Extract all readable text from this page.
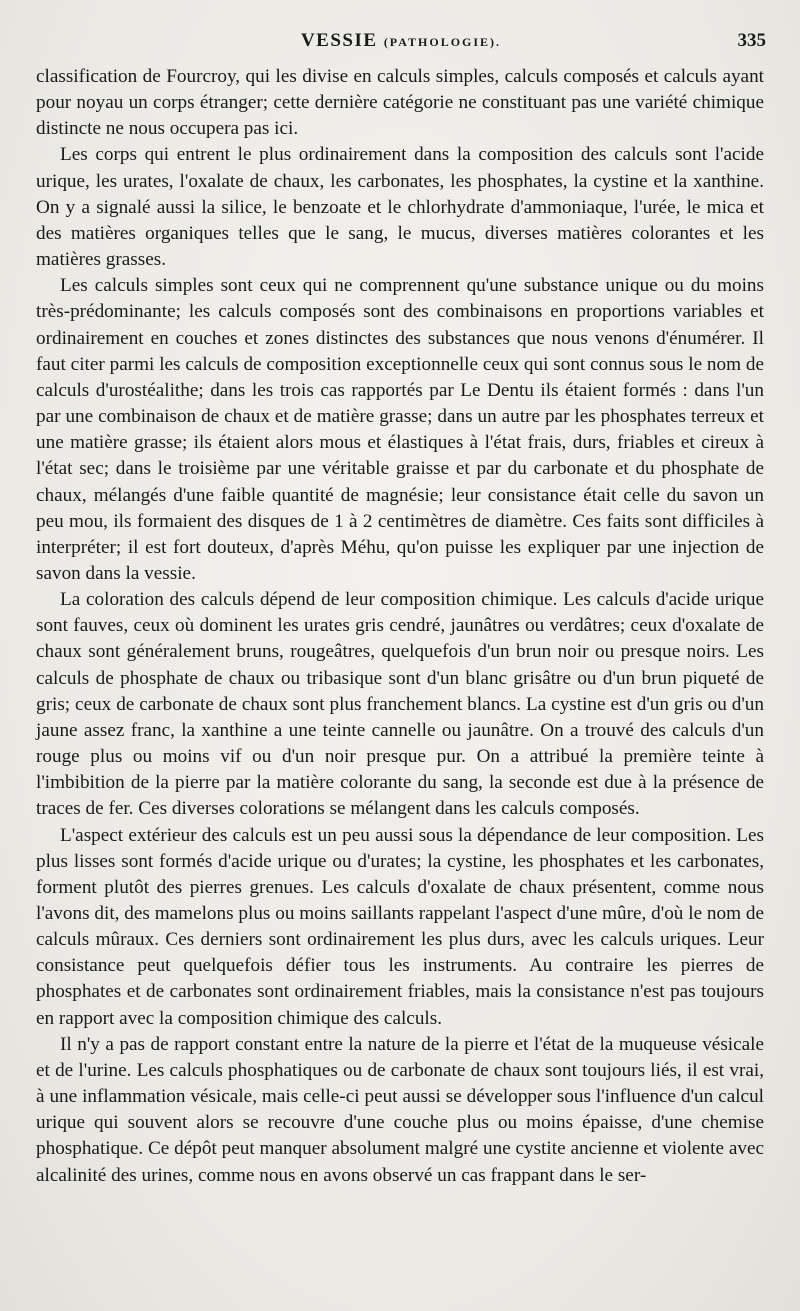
VESSIE (PATHOLOGIE).	335

classification de Fourcroy, qui les divise en calculs simples, calculs composés et calculs ayant pour noyau un corps étranger; cette dernière catégorie ne constituant pas une variété chimique distincte ne nous occupera pas ici.

Les corps qui entrent le plus ordinairement dans la composition des calculs sont l'acide urique, les urates, l'oxalate de chaux, les carbonates, les phosphates, la cystine et la xanthine. On y a signalé aussi la silice, le benzoate et le chlorhydrate d'ammoniaque, l'urée, le mica et des matières organiques telles que le sang, le mucus, diverses matières colorantes et les matières grasses.

Les calculs simples sont ceux qui ne comprennent qu'une substance unique ou du moins très-prédominante; les calculs composés sont des combinaisons en proportions variables et ordinairement en couches et zones distinctes des substances que nous venons d'énumérer. Il faut citer parmi les calculs de composition exceptionnelle ceux qui sont connus sous le nom de calculs d'urostéalithe; dans les trois cas rapportés par Le Dentu ils étaient formés : dans l'un par une combinaison de chaux et de matière grasse; dans un autre par les phosphates terreux et une matière grasse; ils étaient alors mous et élastiques à l'état frais, durs, friables et cireux à l'état sec; dans le troisième par une véritable graisse et par du carbonate et du phosphate de chaux, mélangés d'une faible quantité de magnésie; leur consistance était celle du savon un peu mou, ils formaient des disques de 1 à 2 centimètres de diamètre. Ces faits sont difficiles à interpréter; il est fort douteux, d'après Méhu, qu'on puisse les expliquer par une injection de savon dans la vessie.

La coloration des calculs dépend de leur composition chimique. Les calculs d'acide urique sont fauves, ceux où dominent les urates gris cendré, jaunâtres ou verdâtres; ceux d'oxalate de chaux sont généralement bruns, rougeâtres, quelquefois d'un brun noir ou presque noirs. Les calculs de phosphate de chaux ou tribasique sont d'un blanc grisâtre ou d'un brun piqueté de gris; ceux de carbonate de chaux sont plus franchement blancs. La cystine est d'un gris ou d'un jaune assez franc, la xanthine a une teinte cannelle ou jaunâtre. On a trouvé des calculs d'un rouge plus ou moins vif ou d'un noir presque pur. On a attribué la première teinte à l'imbibition de la pierre par la matière colorante du sang, la seconde est due à la présence de traces de fer. Ces diverses colorations se mélangent dans les calculs composés.

L'aspect extérieur des calculs est un peu aussi sous la dépendance de leur composition. Les plus lisses sont formés d'acide urique ou d'urates; la cystine, les phosphates et les carbonates, forment plutôt des pierres grenues. Les calculs d'oxalate de chaux présentent, comme nous l'avons dit, des mamelons plus ou moins saillants rappelant l'aspect d'une mûre, d'où le nom de calculs mûraux. Ces derniers sont ordinairement les plus durs, avec les calculs uriques. Leur consistance peut quelquefois défier tous les instruments. Au contraire les pierres de phosphates et de carbonates sont ordinairement friables, mais la consistance n'est pas toujours en rapport avec la composition chimique des calculs.

Il n'y a pas de rapport constant entre la nature de la pierre et l'état de la muqueuse vésicale et de l'urine. Les calculs phosphatiques ou de carbonate de chaux sont toujours liés, il est vrai, à une inflammation vésicale, mais celle-ci peut aussi se développer sous l'influence d'un calcul urique qui souvent alors se recouvre d'une couche plus ou moins épaisse, d'une chemise phosphatique. Ce dépôt peut manquer absolument malgré une cystite ancienne et violente avec alcalinité des urines, comme nous en avons observé un cas frappant dans le ser-
